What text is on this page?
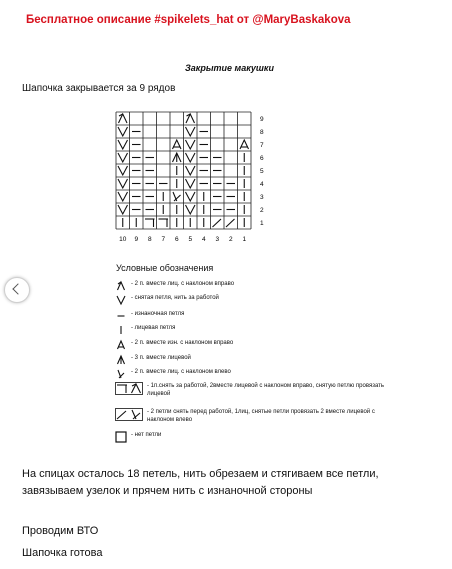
Бесплатное описание #spikelets_hat от @MaryBaskakova
Закрытие макушки
Шапочка закрывается за 9 рядов
1
2
3
4
5
6
7
8
9
10 9 8 7 6 5 4 3 2 1
Условные обозначения
- 2 п. вместе лиц. с наклоном вправо
- снятая петля, нить за работой
- изнаночная петля
- лицевая петля
- 2 п. вместе изн. с наклоном вправо
- 3 п. вместе лицевой
- 2 п. вместе лиц. с наклоном влево
- 1п.снять за работой, 2вместе лицевой с наклоном вправо, снятую петлю провязать лицевой
- 2 петли снять перед работой, 1лиц, снятые петли провязать 2 вместе лицевой с наклоном влево
- нет петли
На спицах осталось 18 петель, нить обрезаем и стягиваем все петли, завязываем узелок и прячем нить с изнаночной стороны
Проводим ВТО
Шапочка готова
